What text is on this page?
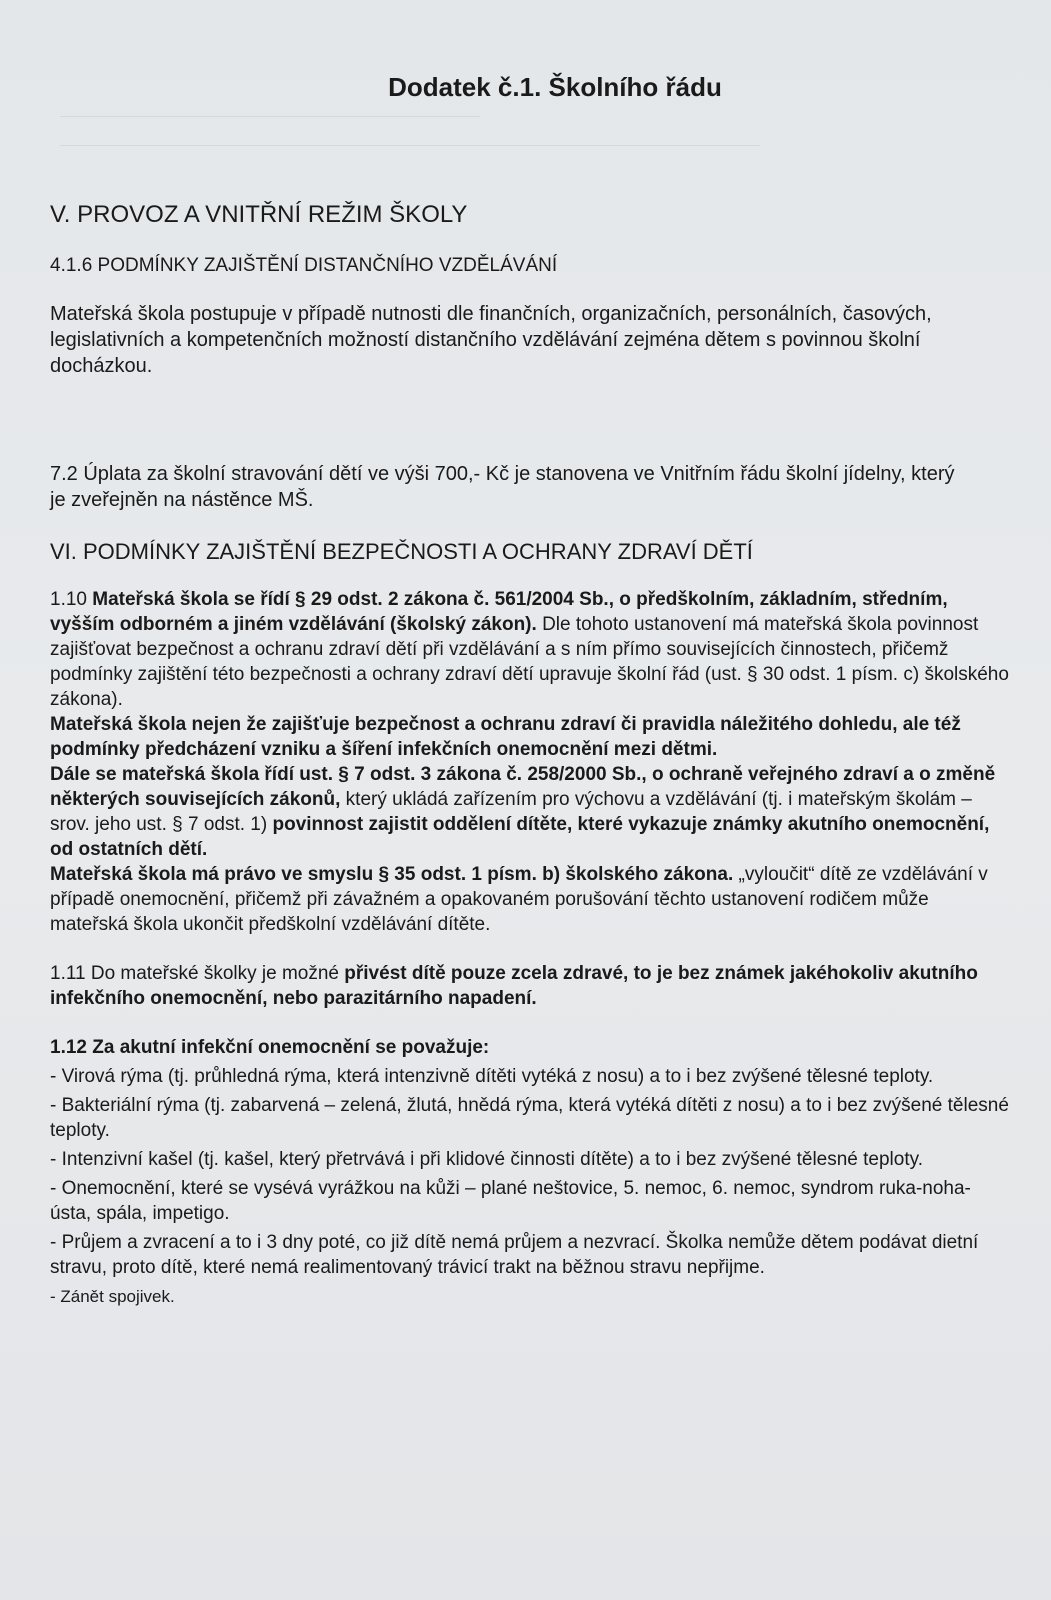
Dodatek č.1. Školního řádu
V. PROVOZ A VNITŘNÍ REŽIM ŠKOLY
4.1.6 PODMÍNKY ZAJIŠTĚNÍ DISTANČNÍHO VZDĚLÁVÁNÍ

Mateřská škola postupuje v případě nutnosti dle finančních, organizačních, personálních, časových, legislativních a kompetenčních možností distančního vzdělávání zejména dětem s povinnou školní docházkou.

7.2 Úplata za školní stravování dětí ve výši 700,- Kč je stanovena ve Vnitřním řádu školní jídelny, který je zveřejněn na nástěnce MŠ.

VI. PODMÍNKY ZAJIŠTĚNÍ BEZPEČNOSTI A OCHRANY ZDRAVÍ DĚTÍ

1.10 Mateřská škola se řídí § 29 odst. 2 zákona č. 561/2004 Sb., o předškolním, základním, středním, vyšším odborném a jiném vzdělávání (školský zákon). Dle tohoto ustanovení má mateřská škola povinnost zajišťovat bezpečnost a ochranu zdraví dětí při vzdělávání a s ním přímo souvisejících činnostech, přičemž podmínky zajištění této bezpečnosti a ochrany zdraví dětí upravuje školní řád (ust. § 30 odst. 1 písm. c) školského zákona).
Mateřská škola nejen že zajišťuje bezpečnost a ochranu zdraví či pravidla náležitého dohledu, ale též podmínky předcházení vzniku a šíření infekčních onemocnění mezi dětmi.
Dále se mateřská škola řídí ust. § 7 odst. 3 zákona č. 258/2000 Sb., o ochraně veřejného zdraví a o změně některých souvisejících zákonů, který ukládá zařízením pro výchovu a vzdělávání (tj. i mateřským školám – srov. jeho ust. § 7 odst. 1) povinnost zajistit oddělení dítěte, které vykazuje známky akutního onemocnění, od ostatních dětí.
Mateřská škola má právo ve smyslu § 35 odst. 1 písm. b) školského zákona. „vyloučit“ dítě ze vzdělávání v případě onemocnění, přičemž při závažném a opakovaném porušování těchto ustanovení rodičem může mateřská škola ukončit předškolní vzdělávání dítěte.

1.11 Do mateřské školky je možné přivést dítě pouze zcela zdravé, to je bez známek jakéhokoliv akutního infekčního onemocnění, nebo parazitárního napadení.

1.12 Za akutní infekční onemocnění se považuje:

- Virová rýma (tj. průhledná rýma, která intenzivně dítěti vytéká z nosu) a to i bez zvýšené tělesné teploty.

- Bakteriální rýma (tj. zabarvená – zelená, žlutá, hnědá rýma, která vytéká dítěti z nosu) a to i bez zvýšené tělesné teploty.

- Intenzivní kašel (tj. kašel, který přetrvává i při klidové činnosti dítěte) a to i bez zvýšené tělesné teploty.

- Onemocnění, které se vysévá vyrážkou na kůži – plané neštovice, 5. nemoc, 6. nemoc, syndrom ruka-noha-ústa, spála, impetigo.

- Průjem a zvracení a to i 3 dny poté, co již dítě nemá průjem a nezvrací. Školka nemůže dětem podávat dietní stravu, proto dítě, které nemá realimentovaný trávicí trakt na běžnou stravu nepřijme.

- Zánět spojivek.
